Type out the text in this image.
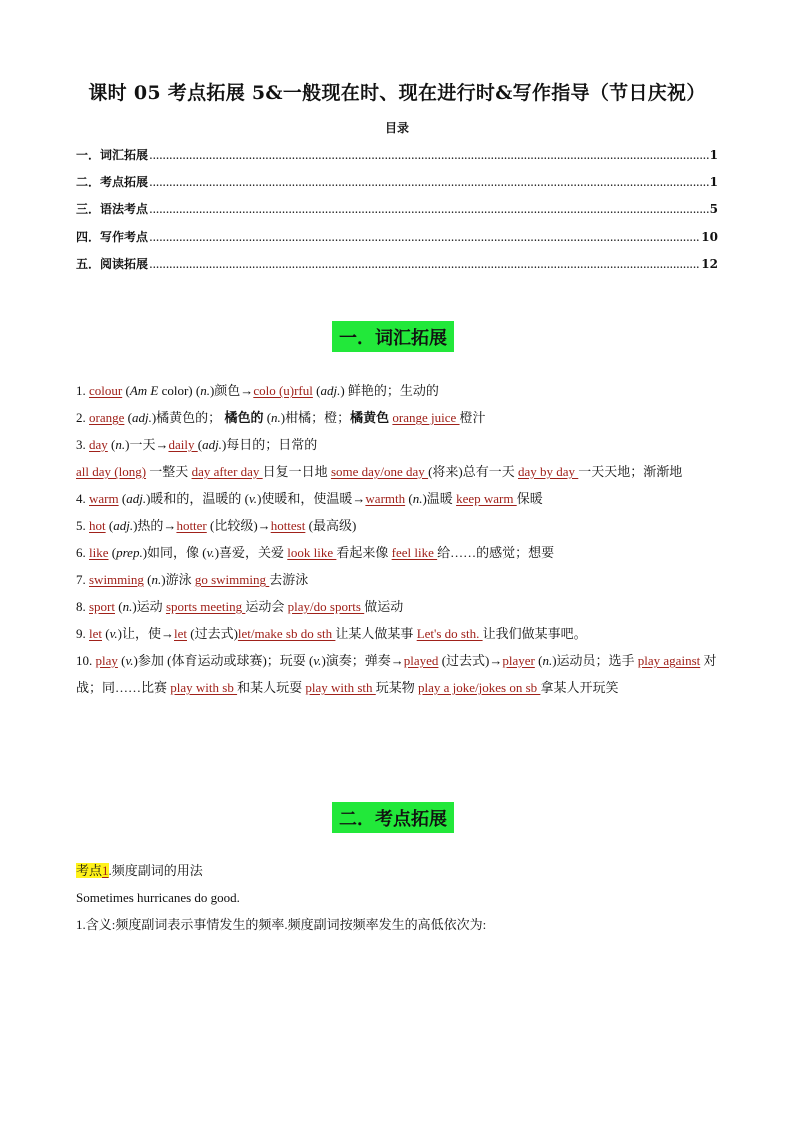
课时 05 考点拓展 5&一般现在时、现在进行时&写作指导（节日庆祝）
目录
一．词汇拓展 .....	1
二．考点拓展 .....	1
三．语法考点 .....	5
四．写作考点 .....	10
五．阅读拓展 .....	12
一．词汇拓展
1. colour (Am E color) (n.)颜色→colo (u)rful (adj.) 鲜艳的；生动的
2. orange (adj.)橘黄色的； 橘色的 (n.)柑橘；橙；橘黄色 orange juice 橙汁
3. day (n.)一天→daily (adj.)每日的；日常的
all day (long) 一整天 day after day 日复一日地 some day/one day (将来)总有一天 day by day 一天天地；渐渐地
4. warm (adj.)暖和的，温暖的 (v.)使暖和，使温暖→warmth (n.)温暖 keep warm 保暖
5. hot (adj.)热的→hotter (比较级)→hottest (最高级)
6. like (prep.)如同，像 (v.)喜爱，关爱 look like 看起来像 feel like 给……的感觉；想要
7. swimming (n.)游泳 go swimming 去游泳
8. sport (n.)运动 sports meeting 运动会 play/do sports 做运动
9. let (v.)让，使→let (过去式)let/make sb do sth 让某人做某事 Let's do sth. 让我们做某事吧。
10. play (v.)参加 (体育运动或球赛)；玩耍 (v.)演奏；弹奏→played (过去式)→player (n.)运动员；选手 play against 对战；同……比赛 play with sb 和某人玩耍 play with sth 玩某物 play a joke/jokes on sb 拿某人开玩笑
二．考点拓展
考点1.频度副词的用法
Sometimes hurricanes do good.
1.含义:频度副词表示事情发生的频率.频度副词按频率发生的高低依次为:
